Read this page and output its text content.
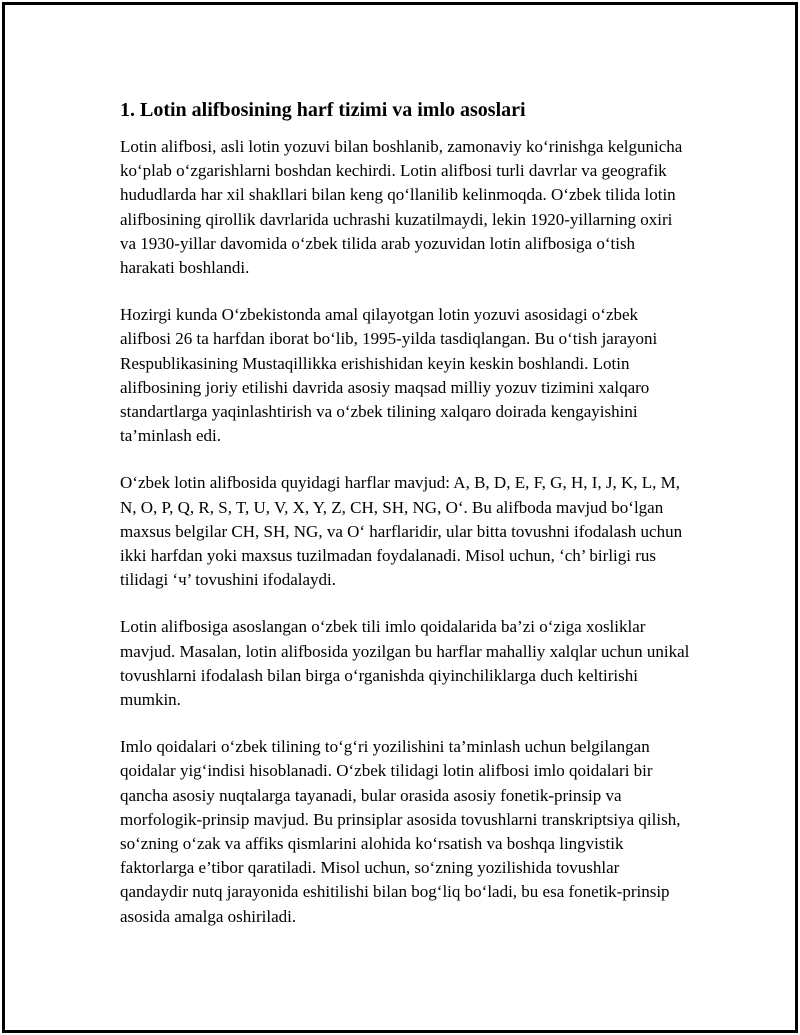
1. Lotin alifbosining harf tizimi va imlo asoslari

Lotin alifbosi, asli lotin yozuvi bilan boshlanib, zamonaviy ko‘rinishga kelgunicha ko‘plab o‘zgarishlarni boshdan kechirdi. Lotin alifbosi turli davrlar va geografik hududlarda har xil shakllari bilan keng qo‘llanilib kelinmoqda. O‘zbek tilida lotin alifbosining qirollik davrlarida uchrashi kuzatilmaydi, lekin 1920-yillarning oxiri va 1930-yillar davomida o‘zbek tilida arab yozuvidan lotin alifbosiga o‘tish harakati boshlandi.

Hozirgi kunda O‘zbekistonda amal qilayotgan lotin yozuvi asosidagi o‘zbek alifbosi 26 ta harfdan iborat bo‘lib, 1995-yilda tasdiqlangan. Bu o‘tish jarayoni Respublikasining Mustaqillikka erishishidan keyin keskin boshlandi. Lotin alifbosining joriy etilishi davrida asosiy maqsad milliy yozuv tizimini xalqaro standartlarga yaqinlashtirish va o‘zbek tilining xalqaro doirada kengayishini ta’minlash edi.

O‘zbek lotin alifbosida quyidagi harflar mavjud: A, B, D, E, F, G, H, I, J, K, L, M, N, O, P, Q, R, S, T, U, V, X, Y, Z, CH, SH, NG, O‘. Bu alifboda mavjud bo‘lgan maxsus belgilar CH, SH, NG, va O‘ harflaridir, ular bitta tovushni ifodalash uchun ikki harfdan yoki maxsus tuzilmadan foydalanadi. Misol uchun, ‘ch’ birligi rus tilidagi ‘ч’ tovushini ifodalaydi.

Lotin alifbosiga asoslangan o‘zbek tili imlo qoidalarida ba’zi o‘ziga xosliklar mavjud. Masalan, lotin alifbosida yozilgan bu harflar mahalliy xalqlar uchun unikal tovushlarni ifodalash bilan birga o‘rganishda qiyinchiliklarga duch keltirishi mumkin.

Imlo qoidalari o‘zbek tilining to‘g‘ri yozilishini ta’minlash uchun belgilangan qoidalar yig‘indisi hisoblanadi. O‘zbek tilidagi lotin alifbosi imlo qoidalari bir qancha asosiy nuqtalarga tayanadi, bular orasida asosiy fonetik-prinsip va morfologik-prinsip mavjud. Bu prinsiplar asosida tovushlarni transkriptsiya qilish, so‘zning o‘zak va affiks qismlarini alohida ko‘rsatish va boshqa lingvistik faktorlarga e’tibor qaratiladi. Misol uchun, so‘zning yozilishida tovushlar qandaydir nutq jarayonida eshitilishi bilan bog‘liq bo‘ladi, bu esa fonetik-prinsip asosida amalga oshiriladi.
